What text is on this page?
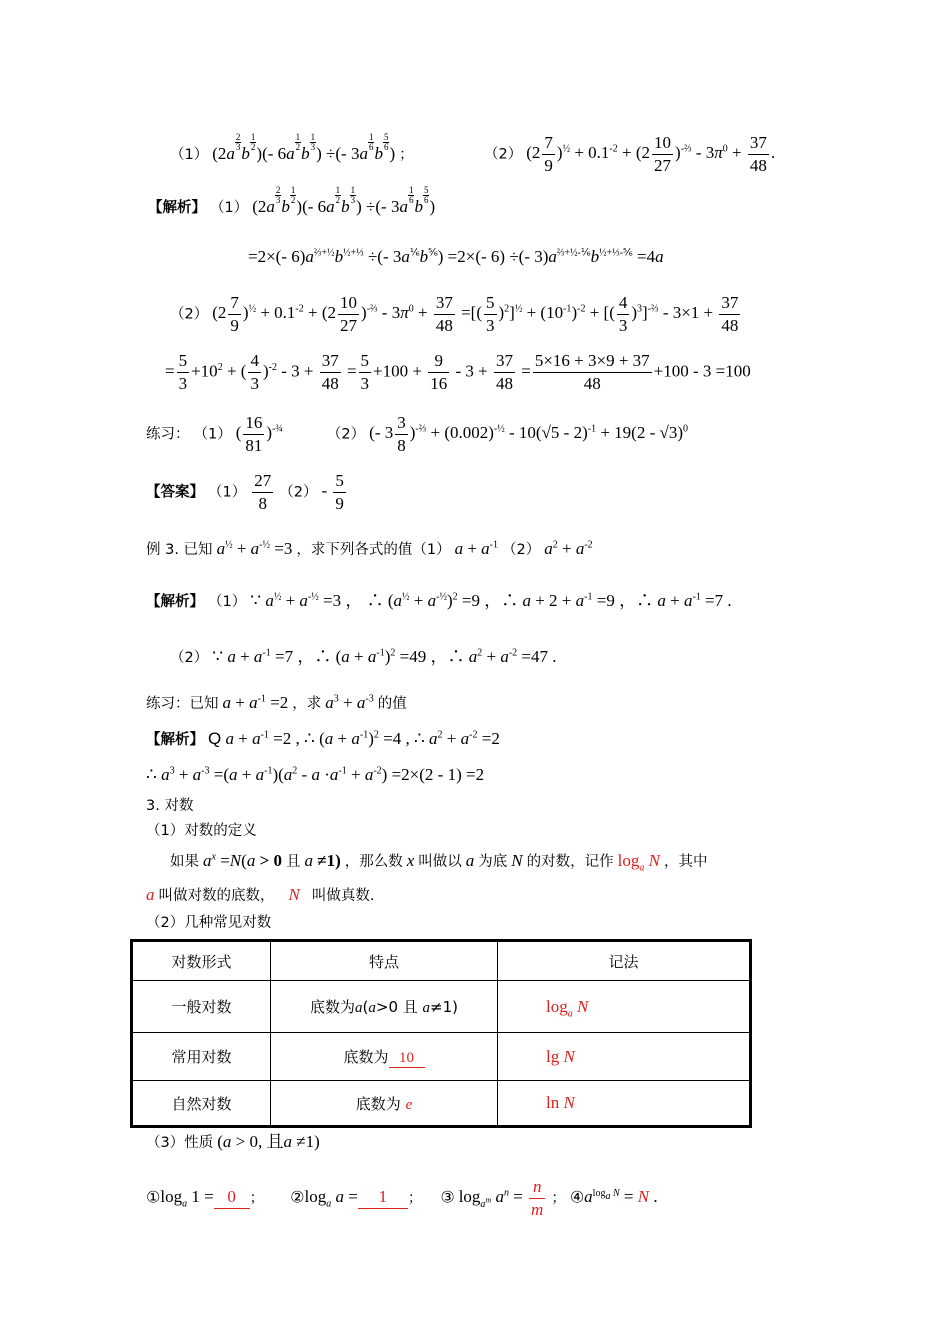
（1） (2a
$\frac{2}{3}$
b
$\frac{1}{2}$
)(- 6a
$\frac{1}{2}$
b
$\frac{1}{3}$
) ÷(- 3a
$\frac{1}{6}$
b
$\frac{5}{6}$
) ；	（2） $(2 \frac{7}{9} )^{\frac{1}{2}} + 0.1^{-2} + (2 \frac{10}{27} )^{-\frac{2}{3}} - 3\pi^0 + \frac{37}{48}$ .
【解析】 （1） (2a
$\frac{2}{3}$
b
$\frac{1}{2}$
)(- 6a
$\frac{1}{2}$
b
$\frac{1}{3}$
) ÷(- 3a
$\frac{1}{6}$
b
$\frac{5}{6}$
)
=2×(- $6)a^{\frac{2}{3}+\frac{1}{2}}b^{\frac{1}{2}+\frac{1}{3}}$ ÷(- $3a^{\frac{1}{6}}b^{\frac{5}{6}}) =2\times(-$ 6) ÷(- $3)a^{\frac{2}{3}+\frac{1}{2}-\frac{1}{6}}b^{\frac{1}{2}+\frac{1}{3}-\frac{5}{6}} =4a$
（2） $(2 \frac{7}{9} )^{\frac{1}{2}} + 0.1^{-2} + (2 \frac{10}{27} )^{-\frac{2}{3}} - 3\pi^0 + \frac{37}{48}$ =[( $\frac{5}{3} )^2]^{\frac{1}{2}} + (10^{-1})^{-2}$ + [( $\frac{4}{3} )^3]^{-\frac{2}{3}} - 3\times 1 + \frac{37}{48}$
= $\frac{5}{3} +10^2$ + ( $\frac{4}{3} )^{-2} - 3 + \frac{37}{48} = \frac{5}{3} +100 + \frac{9}{16} - 3 + \frac{37}{48} = \frac{5\times 16 + 3\times 9 + 37}{48} +100 - 3 =100$
练习： （1） ( $\frac{16}{81} )^{-\frac{3}{4}}$	（2） (- $3 \frac{3}{8} )^{-\frac{2}{3}} + (0.002)^{-\frac{1}{2}} - 10(√5 - 2)^{-1} + 19(2 - √3)^0$
【答案】 $(1) \frac{27}{8} (2) - \frac{5}{9}$
例 3. 已知 $a^{\frac{1}{2}} + a^{-\frac{1}{2}} =3$ ，求下列各式的值（1） $a + a^{-1}$ （2） $a^2 + a^{-2}$
【解析】 （1） ∵ $a^{\frac{1}{2}} + a^{-\frac{1}{2}} =3$ ， ∴ $(a^{\frac{1}{2}} + a^{-\frac{1}{2}})^2 =9$ ，∴ $a + 2 + a^{-1} =9$ ，∴ $a + a^{-1} =7$ .
（2） ∵ $a + a^{-1} =7$ ，∴ $(a + a^{-1})^2 =49$ ，∴ $a^2 + a^{-2} =47$ .
练习：已知 $a + a^{-1} =2$ ，求 $a^3 + a^{-3}$ 的值
【解析】 Q $a + a^{-1} =2$ , ∴ $(a + a^{-1})^2 =4$ , ∴ $a^2 + a^{-2} =2$
∴ $a^3 + a^{-3} =(a + a^{-1})(a^2 - a \cdot a^{-1} + a^{-2}) =2\times(2 - 1) =2$
3. 对数
（1）对数的定义
如果 $a^x =N(a > 0$ 且 a ≠1) ，那么数 x 叫做以 a 为底 N 的对数，记作 $\log_a N$ ，其中
a 叫做对数的底数， N 叫做真数.
（2）几种常见对数
对数形式	特点	记法
一般对数	底数为a(a>0 且 a≠1)	$\log_a N$
常用对数	底数为 10	lg N
自然对数	底数为 e	ln N
（3）性质 (a > 0, 且a ≠1)
$①\log_a$ 1 = 0 ； $②\log_a$ a = 1 ； ③ $\log_{a^m} a^n = \frac{n}{m}$ ； $④a^{log_a N} = N$ .
